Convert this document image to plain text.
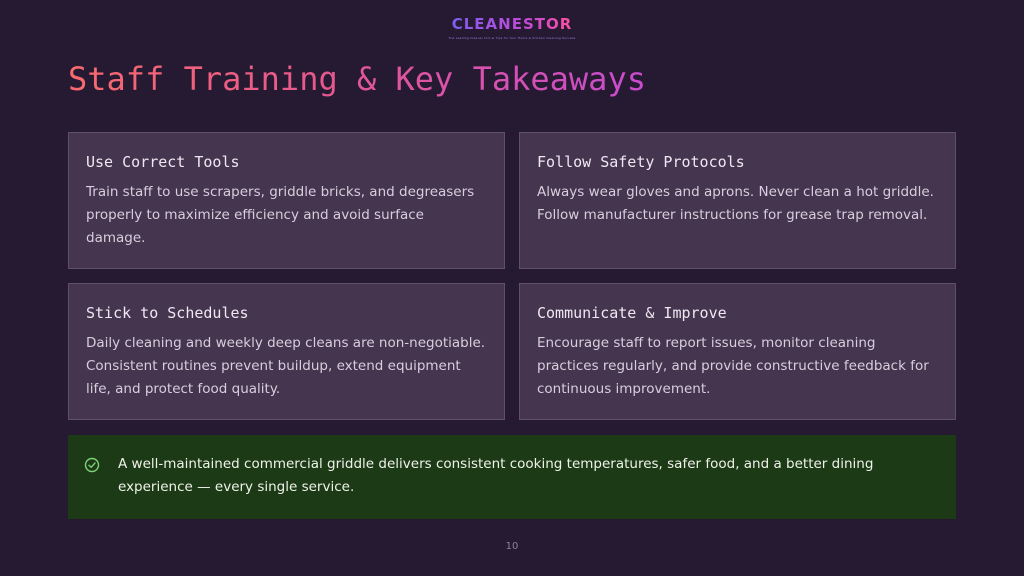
CLEANESTOR
The Leading Cleaner Info & Tips for Your Home & Kitchen Cleaning Success
Staff Training & Key Takeaways

Use Correct Tools

Train staff to use scrapers, griddle bricks, and degreasers properly to maximize efficiency and avoid surface damage.

Follow Safety Protocols

Always wear gloves and aprons. Never clean a hot griddle. Follow manufacturer instructions for grease trap removal.

Stick to Schedules

Daily cleaning and weekly deep cleans are non-negotiable. Consistent routines prevent buildup, extend equipment life, and protect food quality.

Communicate & Improve

Encourage staff to report issues, monitor cleaning practices regularly, and provide constructive feedback for continuous improvement.

A well-maintained commercial griddle delivers consistent cooking temperatures, safer food, and a better dining experience — every single service.

10
